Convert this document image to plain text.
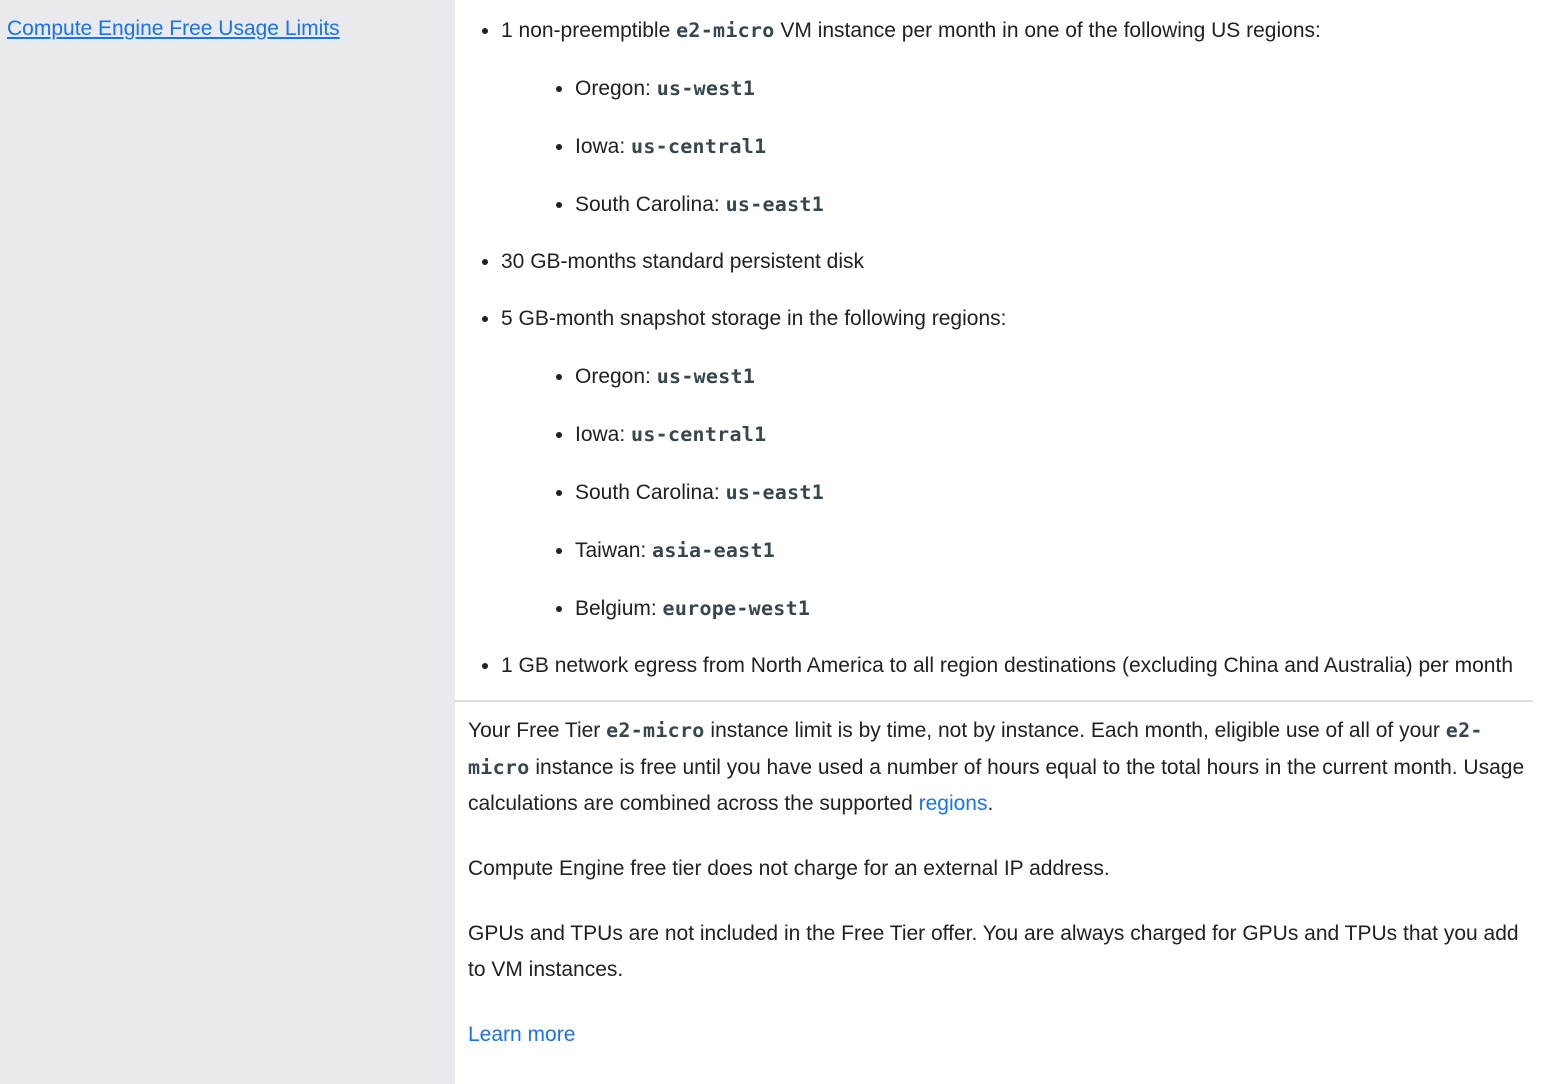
Compute Engine Free Usage Limits	• 1 non-preemptible e2-micro VM instance per month in one of the following US regions:
• Oregon: us-west1
• Iowa: us-central1
• South Carolina: us-east1
• 30 GB-months standard persistent disk
• 5 GB-month snapshot storage in the following regions:
• Oregon: us-west1
• Iowa: us-central1
• South Carolina: us-east1
• Taiwan: asia-east1
• Belgium: europe-west1
• 1 GB network egress from North America to all region destinations (excluding China and Australia) per month

Your Free Tier e2-micro instance limit is by time, not by instance. Each month, eligible use of all of your e2-micro instance is free until you have used a number of hours equal to the total hours in the current month. Usage calculations are combined across the supported regions.

Compute Engine free tier does not charge for an external IP address.

GPUs and TPUs are not included in the Free Tier offer. You are always charged for GPUs and TPUs that you add to VM instances.

Learn more
